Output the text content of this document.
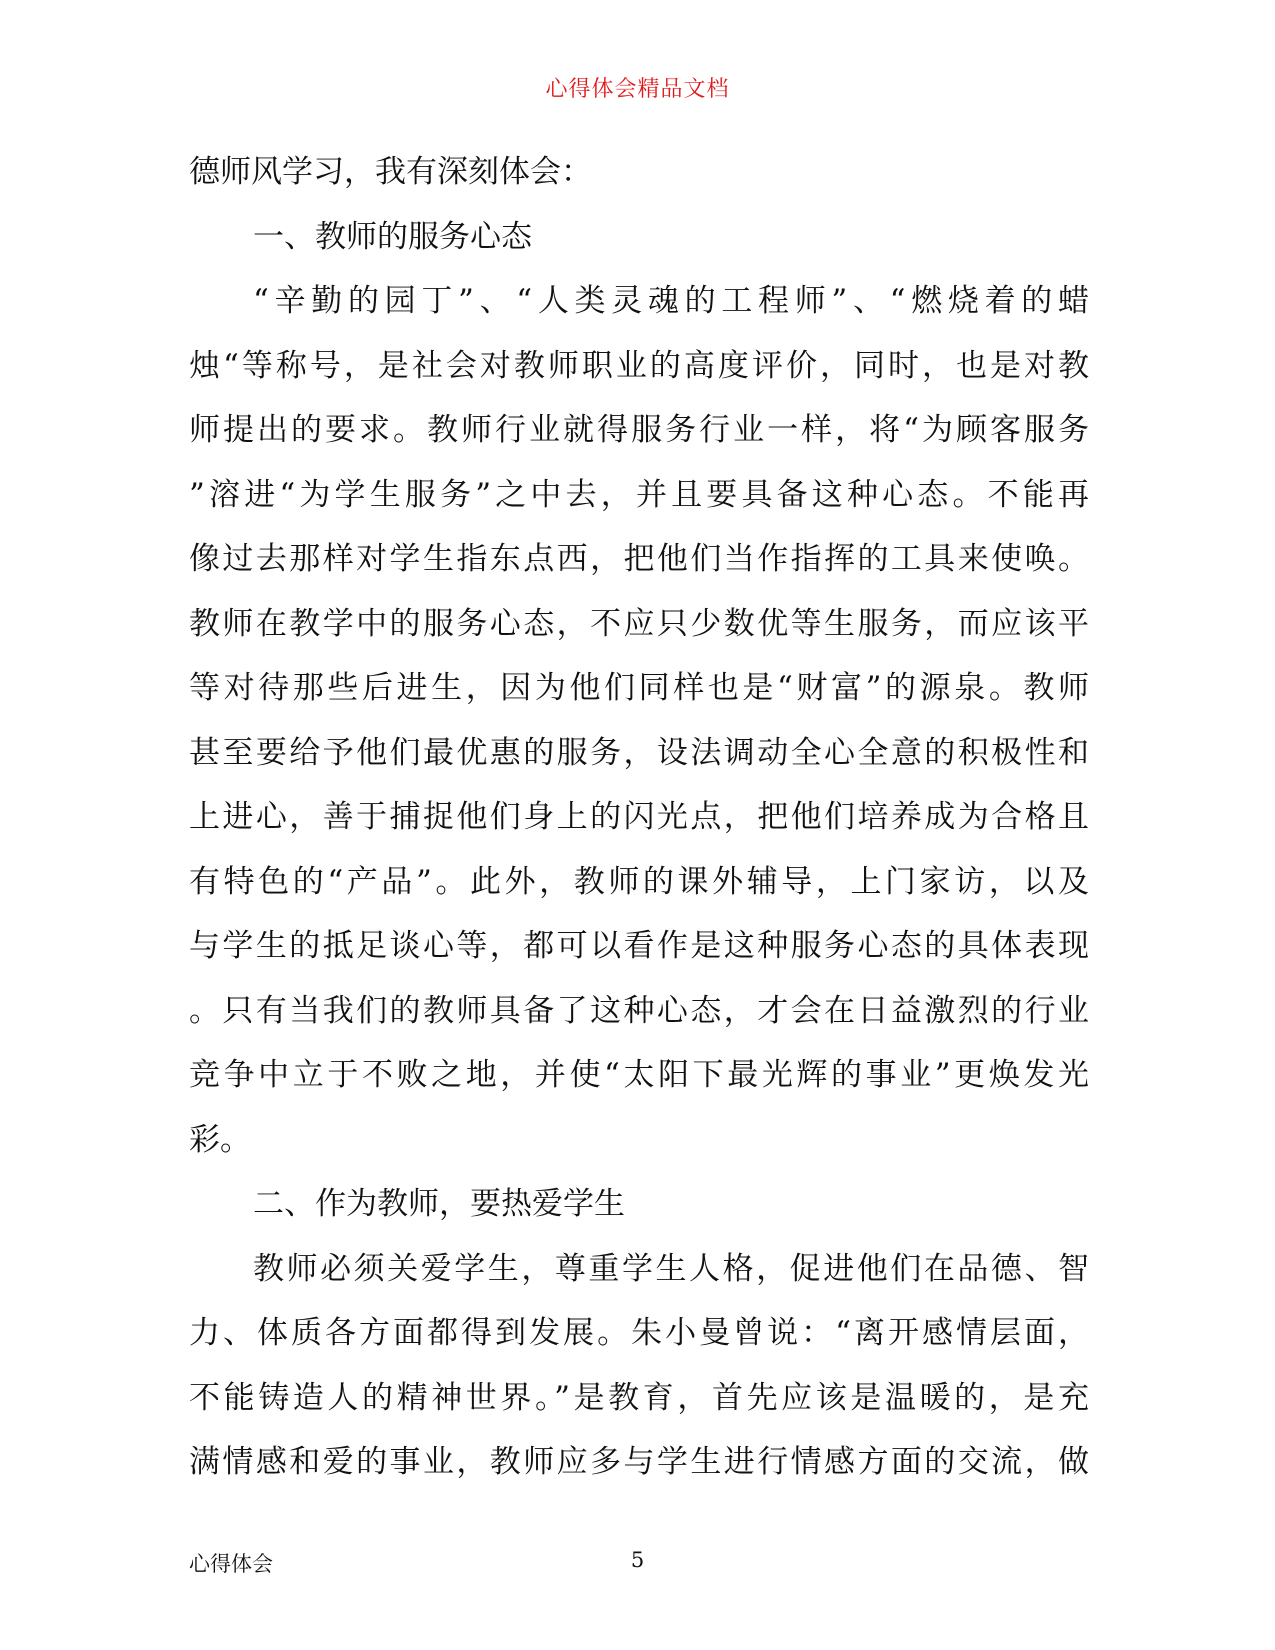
心得体会精品文档
德师风学习，我有深刻体会：
一、教师的服务心态
“辛勤的园丁”、“人类灵魂的工程师”、“燃烧着的蜡
烛“等称号，是社会对教师职业的高度评价，同时，也是对教
师提出的要求。教师行业就得服务行业一样，将“为顾客服务
”溶进“为学生服务”之中去，并且要具备这种心态。不能再
像过去那样对学生指东点西，把他们当作指挥的工具来使唤。
教师在教学中的服务心态，不应只少数优等生服务，而应该平
等对待那些后进生，因为他们同样也是“财富”的源泉。教师
甚至要给予他们最优惠的服务，设法调动全心全意的积极性和
上进心，善于捕捉他们身上的闪光点，把他们培养成为合格且
有特色的“产品”。此外，教师的课外辅导，上门家访，以及
与学生的抵足谈心等，都可以看作是这种服务心态的具体表现
。只有当我们的教师具备了这种心态，才会在日益激烈的行业
竞争中立于不败之地，并使“太阳下最光辉的事业”更焕发光
彩。
二、作为教师，要热爱学生
教师必须关爱学生，尊重学生人格，促进他们在品德、智
力、体质各方面都得到发展。朱小曼曾说：“离开感情层面，
不能铸造人的精神世界。”是教育，首先应该是温暖的，是充
满情感和爱的事业，教师应多与学生进行情感方面的交流，做
心得体会	5
